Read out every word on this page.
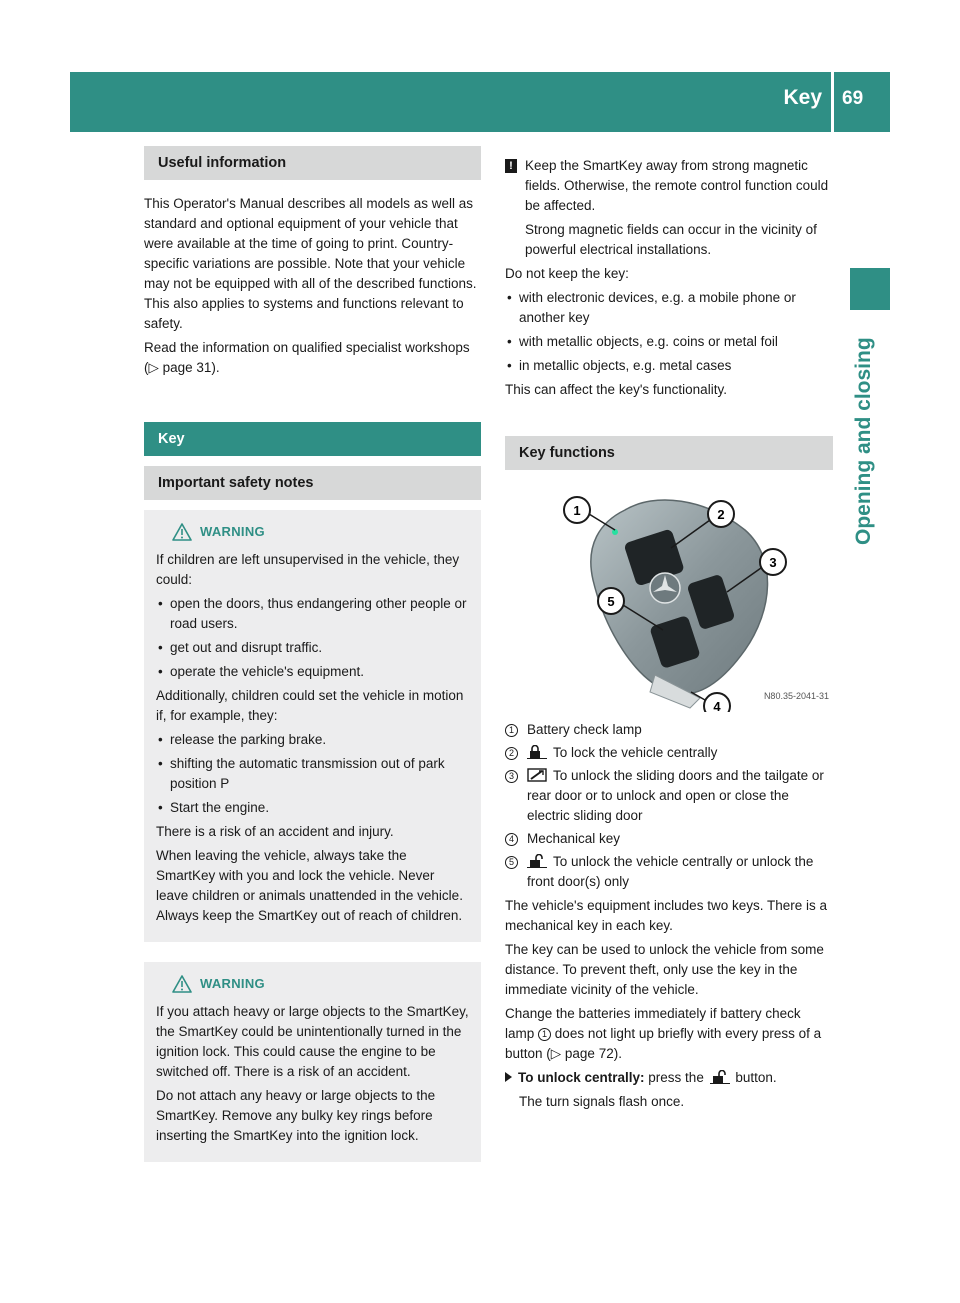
Key 69
Opening and closing
Useful information

This Operator's Manual describes all models as well as standard and optional equipment of your vehicle that were available at the time of going to print. Country-specific variations are possible. Note that your vehicle may not be equipped with all of the described functions. This also applies to systems and functions relevant to safety.

Read the information on qualified specialist workshops (▷ page 31).

Key
Important safety notes
WARNING

If children are left unsupervised in the vehicle, they could:

• open the doors, thus endangering other people or road users.
• get out and disrupt traffic.
• operate the vehicle's equipment.

Additionally, children could set the vehicle in motion if, for example, they:

• release the parking brake.
• shifting the automatic transmission out of park position P
• Start the engine.

There is a risk of an accident and injury.

When leaving the vehicle, always take the SmartKey with you and lock the vehicle. Never leave children or animals unattended in the vehicle. Always keep the SmartKey out of reach of children.

WARNING

If you attach heavy or large objects to the SmartKey, the SmartKey could be unintentionally turned in the ignition lock. This could cause the engine to be switched off. There is a risk of an accident.

Do not attach any heavy or large objects to the SmartKey. Remove any bulky key rings before inserting the SmartKey into the ignition lock.

! Keep the SmartKey away from strong magnetic fields. Otherwise, the remote control function could be affected.

Strong magnetic fields can occur in the vicinity of powerful electrical installations.

Do not keep the key:

• with electronic devices, e.g. a mobile phone or another key
• with metallic objects, e.g. coins or metal foil
• in metallic objects, e.g. metal cases

This can affect the key's functionality.

Key functions
1	2
3
4
5
N80.35-2041-31
1 Battery check lamp
2	To lock the vehicle centrally
3	To unlock the sliding doors and the tailgate or rear door or to unlock and open or close the electric sliding door
4 Mechanical key
5	To unlock the vehicle centrally or unlock the front door(s) only

The vehicle's equipment includes two keys. There is a mechanical key in each key.

The key can be used to unlock the vehicle from some distance. To prevent theft, only use the key in the immediate vicinity of the vehicle.

Change the batteries immediately if battery check lamp 1 does not light up briefly with every press of a button (▷ page 72).

To unlock centrally: press the button.

The turn signals flash once.
